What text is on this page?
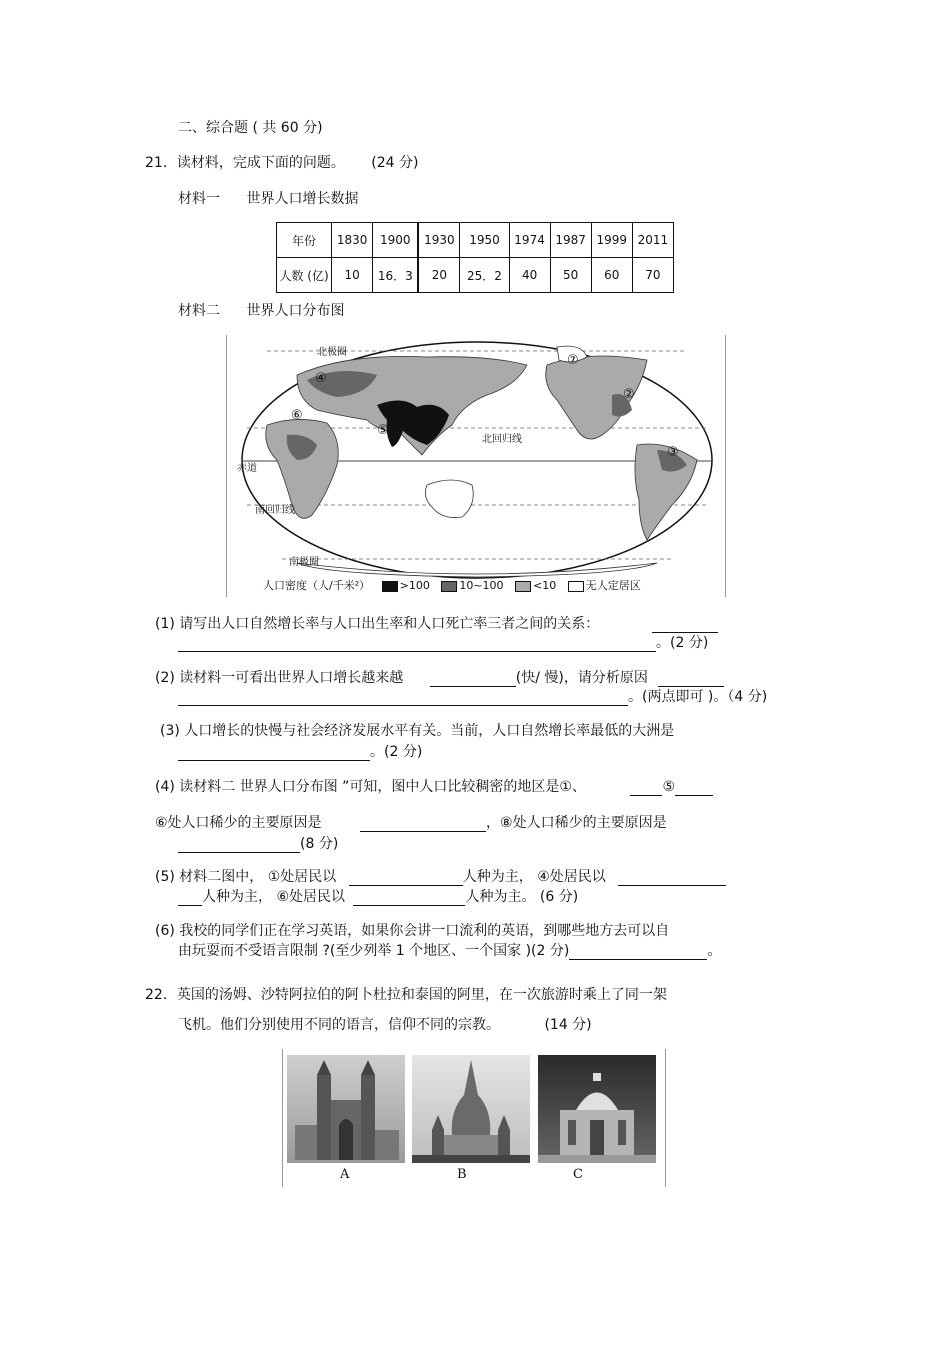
二、综合题 ( 共 60 分)
21．读材料，完成下面的问题。 (24 分)
材料一 世界人口增长数据
年份	1830	1900	1930	1950	1974	1987	1999	2011
人数 (亿)	10	16．3	20	25．2	40	50	60	70
材料二 世界人口分布图
北极圈
北回归线
赤道
南回归线
南极圈
④
⑥	⑧
⑤
①
⑦
②
③
人口密度（人/千米²）	>100	10~100	<10	无人定居区
(1) 请写出人口自然增长率与人口出生率和人口死亡率三者之间的关系：
。(2 分)
(2) 读材料一可看出世界人口增长越来越	(快/ 慢)，请分析原因
。(两点即可 )。（4 分)
(3) 人口增长的快慢与社会经济发展水平有关。当前，人口自然增长率最低的大洲是
。(2 分)
(4) 读材料二 世界人口分布图 ”可知，图中人口比较稠密的地区是①、	⑤
⑥处人口稀少的主要原因是	，⑧处人口稀少的主要原因是
(8 分)
(5) 材料二图中， ①处居民以	人种为主， ④处居民以
人种为主， ⑥处居民以	人种为主。 (6 分)
(6) 我校的同学们正在学习英语，如果你会讲一口流利的英语，到哪些地方去可以自
由玩耍而不受语言限制 ?(至少列举 1 个地区、一个国家 )(2 分)	。
22．英国的汤姆、沙特阿拉伯的阿卜杜拉和泰国的阿里，在一次旅游时乘上了同一架
飞机。他们分别使用不同的语言，信仰不同的宗教。	(14 分)
A	B	C
